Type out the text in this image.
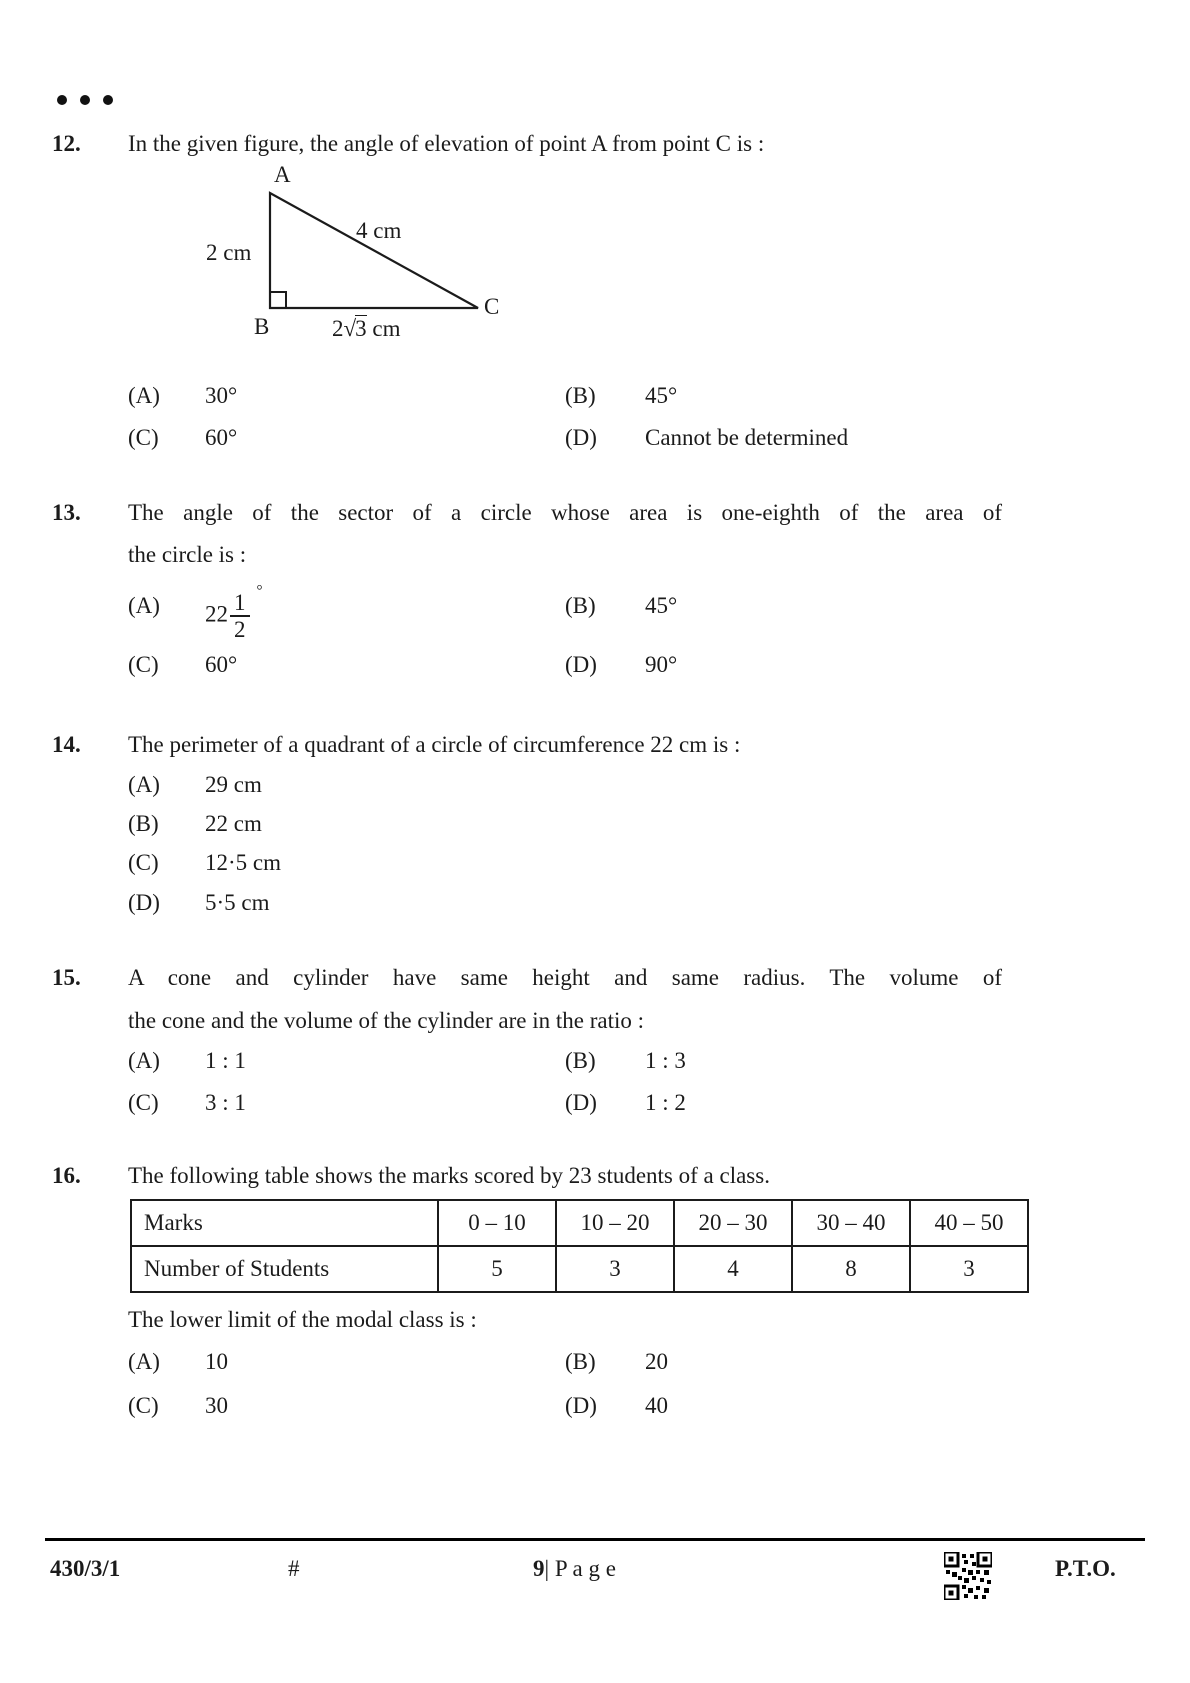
12. In the given figure, the angle of elevation of point A from point C is :
A
2 cm
4 cm
B
C
2√3 cm
(A) 30°	(B) 45°
(C) 60°	(D) Cannot be determined
13. The angle of the sector of a circle whose area is one-eighth of the area of
the circle is :
(A) 22 1 °
2
(B) 45°
(C) 60°	(D) 90°
14. The perimeter of a quadrant of a circle of circumference 22 cm is :
(A) 29 cm
(B) 22 cm
(C) 12·5 cm
(D) 5·5 cm
15. A cone and cylinder have same height and same radius. The volume of
the cone and the volume of the cylinder are in the ratio :
(A) 1 : 1	(B) 1 : 3
(C) 3 : 1	(D) 1 : 2
16. The following table shows the marks scored by 23 students of a class.
Marks	0 – 10	10 – 20	20 – 30	30 – 40	40 – 50
Number of Students	5	3	4	8	3
The lower limit of the modal class is :
(A) 10	(B) 20
(C) 30	(D) 40
430/3/1	#	9| P a g e	P.T.O.
